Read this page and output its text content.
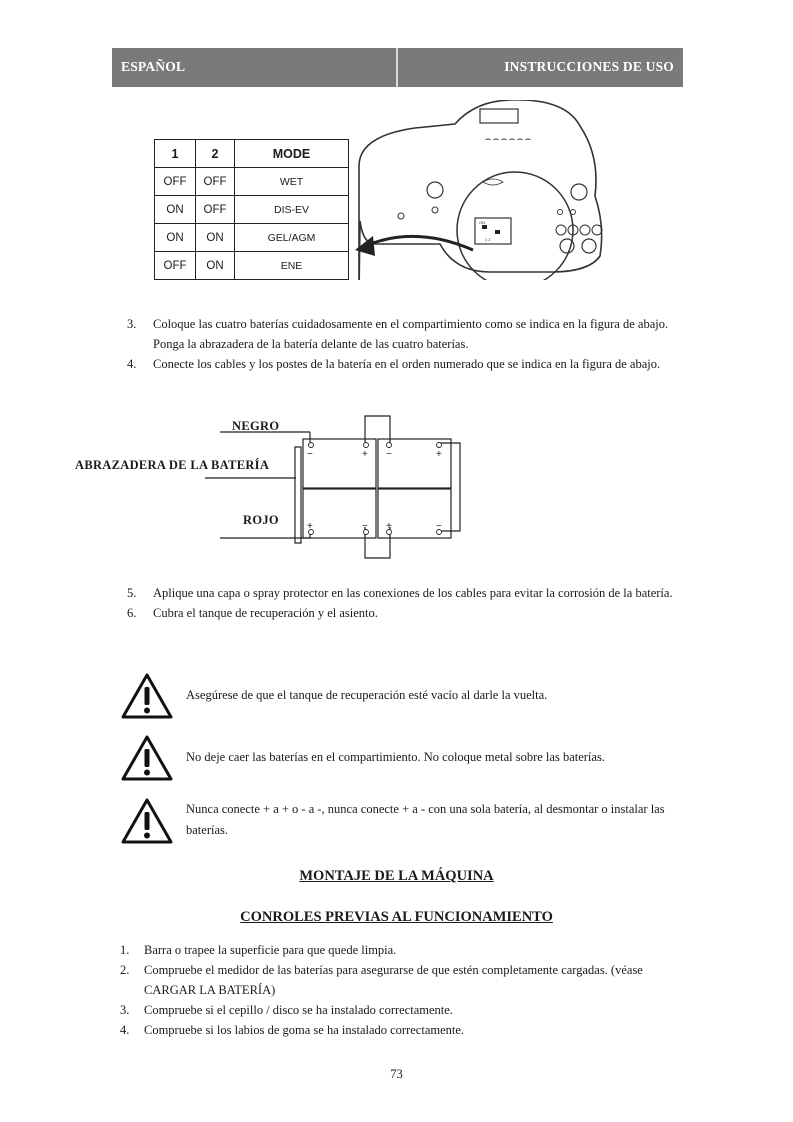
ESPAÑOL	INSTRUCCIONES DE USO
1	2	MODE
OFF	OFF	WET
ON	OFF	DIS-EV
ON	ON	GEL/AGM
OFF	ON	ENE
ON
1 2
3. Coloque las cuatro baterías cuidadosamente en el compartimiento como se indica en la figura de abajo. Ponga la abrazadera de la batería delante de las cuatro baterías.
4. Conecte los cables y los postes de la batería en el orden numerado que se indica en la figura de abajo.
NEGRO
ABRAZADERA DE LA BATERÍA
ROJO
−	+ −	+
+	− +	−
5. Aplique una capa o spray protector en las conexiones de los cables para evitar la corrosión de la batería.
6. Cubra el tanque de recuperación y el asiento.
Asegúrese de que el tanque de recuperación esté vacío al darle la vuelta.
No deje caer las baterías en el compartimiento. No coloque metal sobre las baterías.
Nunca conecte + a + o - a -, nunca conecte + a - con una sola batería, al desmontar o instalar las baterías.
MONTAJE DE LA MÁQUINA
CONROLES PREVIAS AL FUNCIONAMIENTO
1. Barra o trapee la superficie para que quede limpia.
2. Compruebe el medidor de las baterías para asegurarse de que estén completamente cargadas. (véase CARGAR LA BATERÍA)
3. Compruebe si el cepillo / disco se ha instalado correctamente.
4. Compruebe si los labios de goma se ha instalado correctamente.
73
